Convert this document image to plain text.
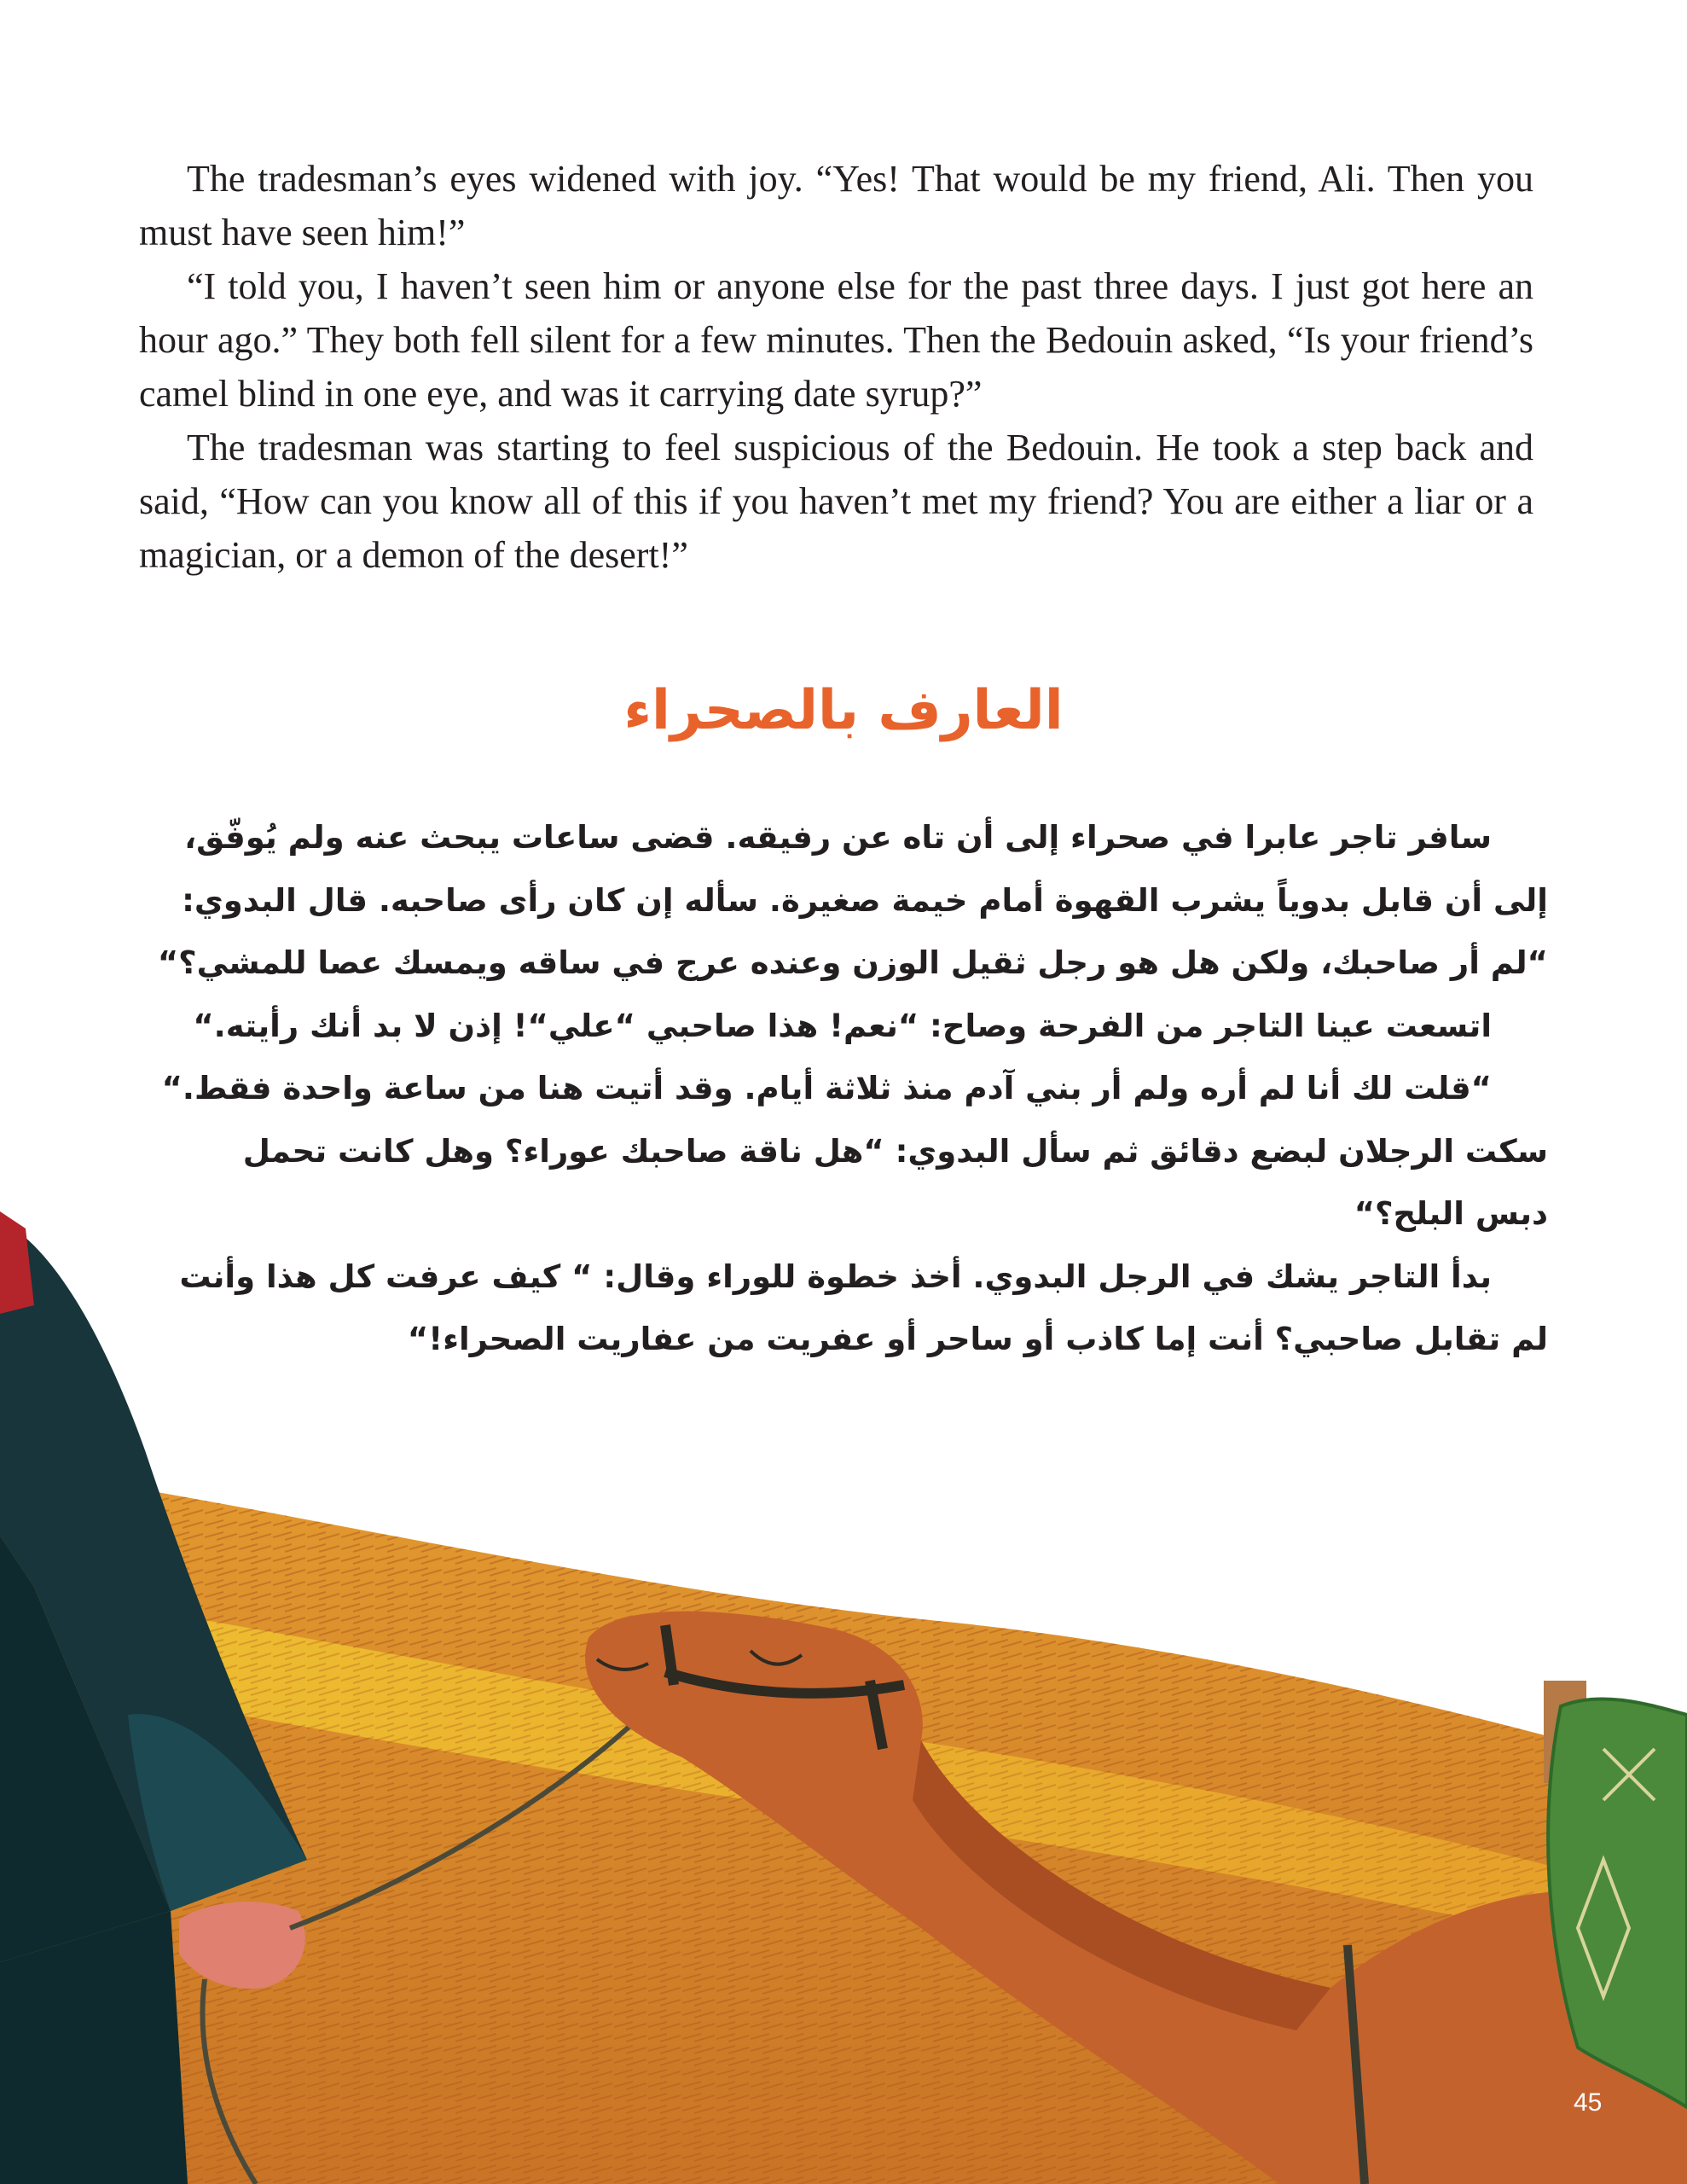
The tradesman’s eyes widened with joy. “Yes! That would be my friend, Ali. Then you must have seen him!”

“I told you, I haven’t seen him or anyone else for the past three days. I just got here an hour ago.” They both fell silent for a few minutes. Then the Bedouin asked, “Is your friend’s camel blind in one eye, and was it carrying date syrup?”

The tradesman was starting to feel suspicious of the Bedouin. He took a step back and said, “How can you know all of this if you haven’t met my friend? You are either a liar or a magician, or a demon of the desert!”

العارف بالصحراء
سافر تاجر عابرا في صحراء إلى أن تاه عن رفيقه. قضى ساعات يبحث عنه ولم يُوفّق،
إلى أن قابل بدوياً يشرب القهوة أمام خيمة صغيرة. سأله إن كان رأى صاحبه. قال البدوي:
“لم أر صاحبك، ولكن هل هو رجل ثقيل الوزن وعنده عرج في ساقه ويمسك عصا للمشي؟“
اتسعت عينا التاجر من الفرحة وصاح: “نعم! هذا صاحبي “علي“! إذن لا بد أنك رأيته.“
“قلت لك أنا لم أره ولم أر بني آدم منذ ثلاثة أيام. وقد أتيت هنا من ساعة واحدة فقط.“
سكت الرجلان لبضع دقائق ثم سأل البدوي: “هل ناقة صاحبك عوراء؟ وهل كانت تحمل
دبس البلح؟“
بدأ التاجر يشك في الرجل البدوي. أخذ خطوة للوراء وقال: “ كيف عرفت كل هذا وأنت
لم تقابل صاحبي؟ أنت إما كاذب أو ساحر أو عفريت من عفاريت الصحراء!“
45
